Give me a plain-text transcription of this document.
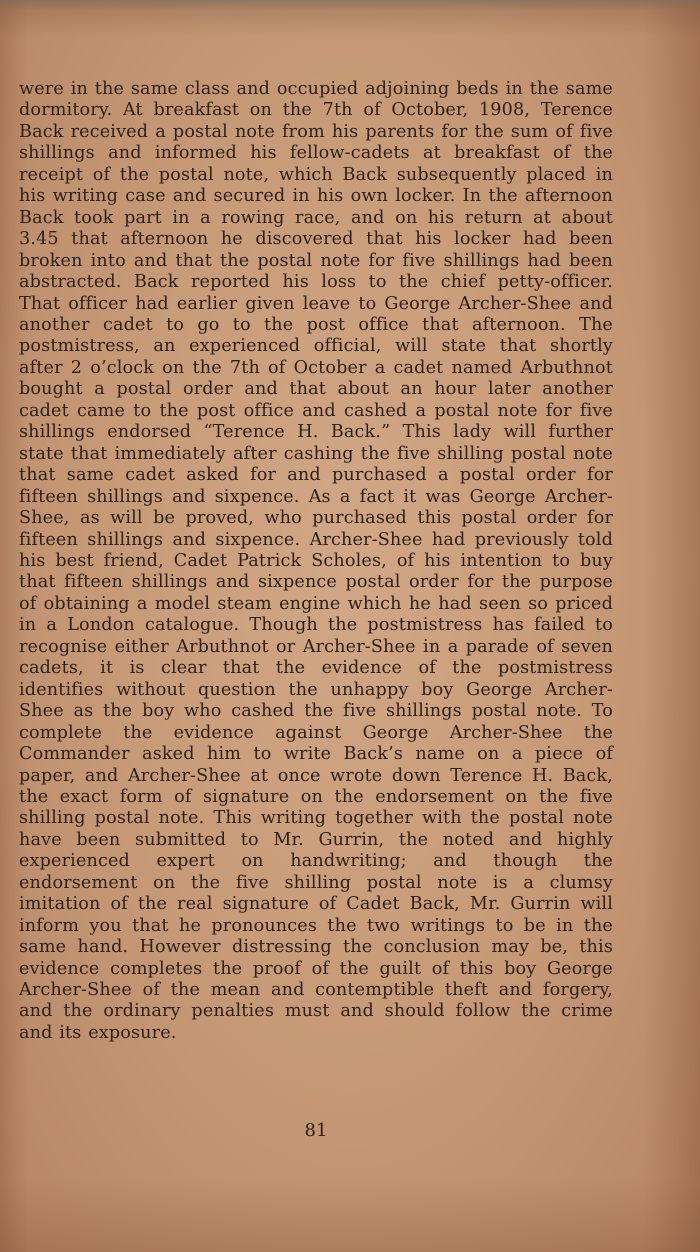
were in the same class and occupied adjoining beds in the same dormitory. At breakfast on the 7th of October, 1908, Terence Back received a postal note from his parents for the sum of five shillings and informed his fellow-cadets at breakfast of the receipt of the postal note, which Back subsequently placed in his writing case and secured in his own locker. In the afternoon Back took part in a rowing race, and on his return at about 3.45 that afternoon he discovered that his locker had been broken into and that the postal note for five shillings had been abstracted. Back reported his loss to the chief petty-officer. That officer had earlier given leave to George Archer-Shee and another cadet to go to the post office that afternoon. The postmistress, an experienced official, will state that shortly after 2 o’clock on the 7th of October a cadet named Arbuthnot bought a postal order and that about an hour later another cadet came to the post office and cashed a postal note for five shillings endorsed “Terence H. Back.” This lady will further state that immediately after cashing the five shilling postal note that same cadet asked for and purchased a postal order for fifteen shillings and sixpence. As a fact it was George Archer-Shee, as will be proved, who purchased this postal order for fifteen shillings and sixpence. Archer-Shee had previously told his best friend, Cadet Patrick Scholes, of his intention to buy that fifteen shillings and sixpence postal order for the purpose of obtaining a model steam engine which he had seen so priced in a London catalogue. Though the postmistress has failed to recognise either Arbuthnot or Archer-Shee in a parade of seven cadets, it is clear that the evidence of the postmistress identifies without question the unhappy boy George Archer-Shee as the boy who cashed the five shillings postal note. To complete the evidence against George Archer-Shee the Commander asked him to write Back’s name on a piece of paper, and Archer-Shee at once wrote down Terence H. Back, the exact form of signature on the endorsement on the five shilling postal note. This writing together with the postal note have been submitted to Mr. Gurrin, the noted and highly experienced expert on handwriting; and though the endorsement on the five shilling postal note is a clumsy imitation of the real signature of Cadet Back, Mr. Gurrin will inform you that he pronounces the two writings to be in the same hand. However distressing the conclusion may be, this evidence completes the proof of the guilt of this boy George Archer-Shee of the mean and contemptible theft and forgery, and the ordinary penalties must and should follow the crime and its exposure.

81
